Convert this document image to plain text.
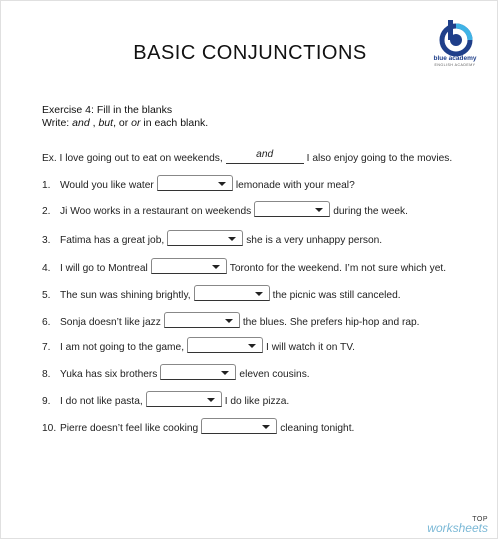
BASIC CONJUNCTIONS	blue academy
ENGLISH ACADEMY
Exercise 4: Fill in the blanks
Write: and , but, or or in each blank.
Ex. I love going out to eat on weekends,	and	I also enjoy going to the movies.
1. Would you like water	lemonade with your meal?
2. Ji Woo works in a restaurant on weekends	during the week.
3. Fatima has a great job,	she is a very unhappy person.
4. I will go to Montreal	Toronto for the weekend. I’m not sure which yet.
5. The sun was shining brightly,	the picnic was still canceled.
6. Sonja doesn’t like jazz	the blues. She prefers hip-hop and rap.
7. I am not going to the game,	I will watch it on TV.
8. Yuka has six brothers	eleven cousins.
9. I do not like pasta,	I do like pizza.
10. Pierre doesn’t feel like cooking	cleaning tonight.
TOP
worksheets
